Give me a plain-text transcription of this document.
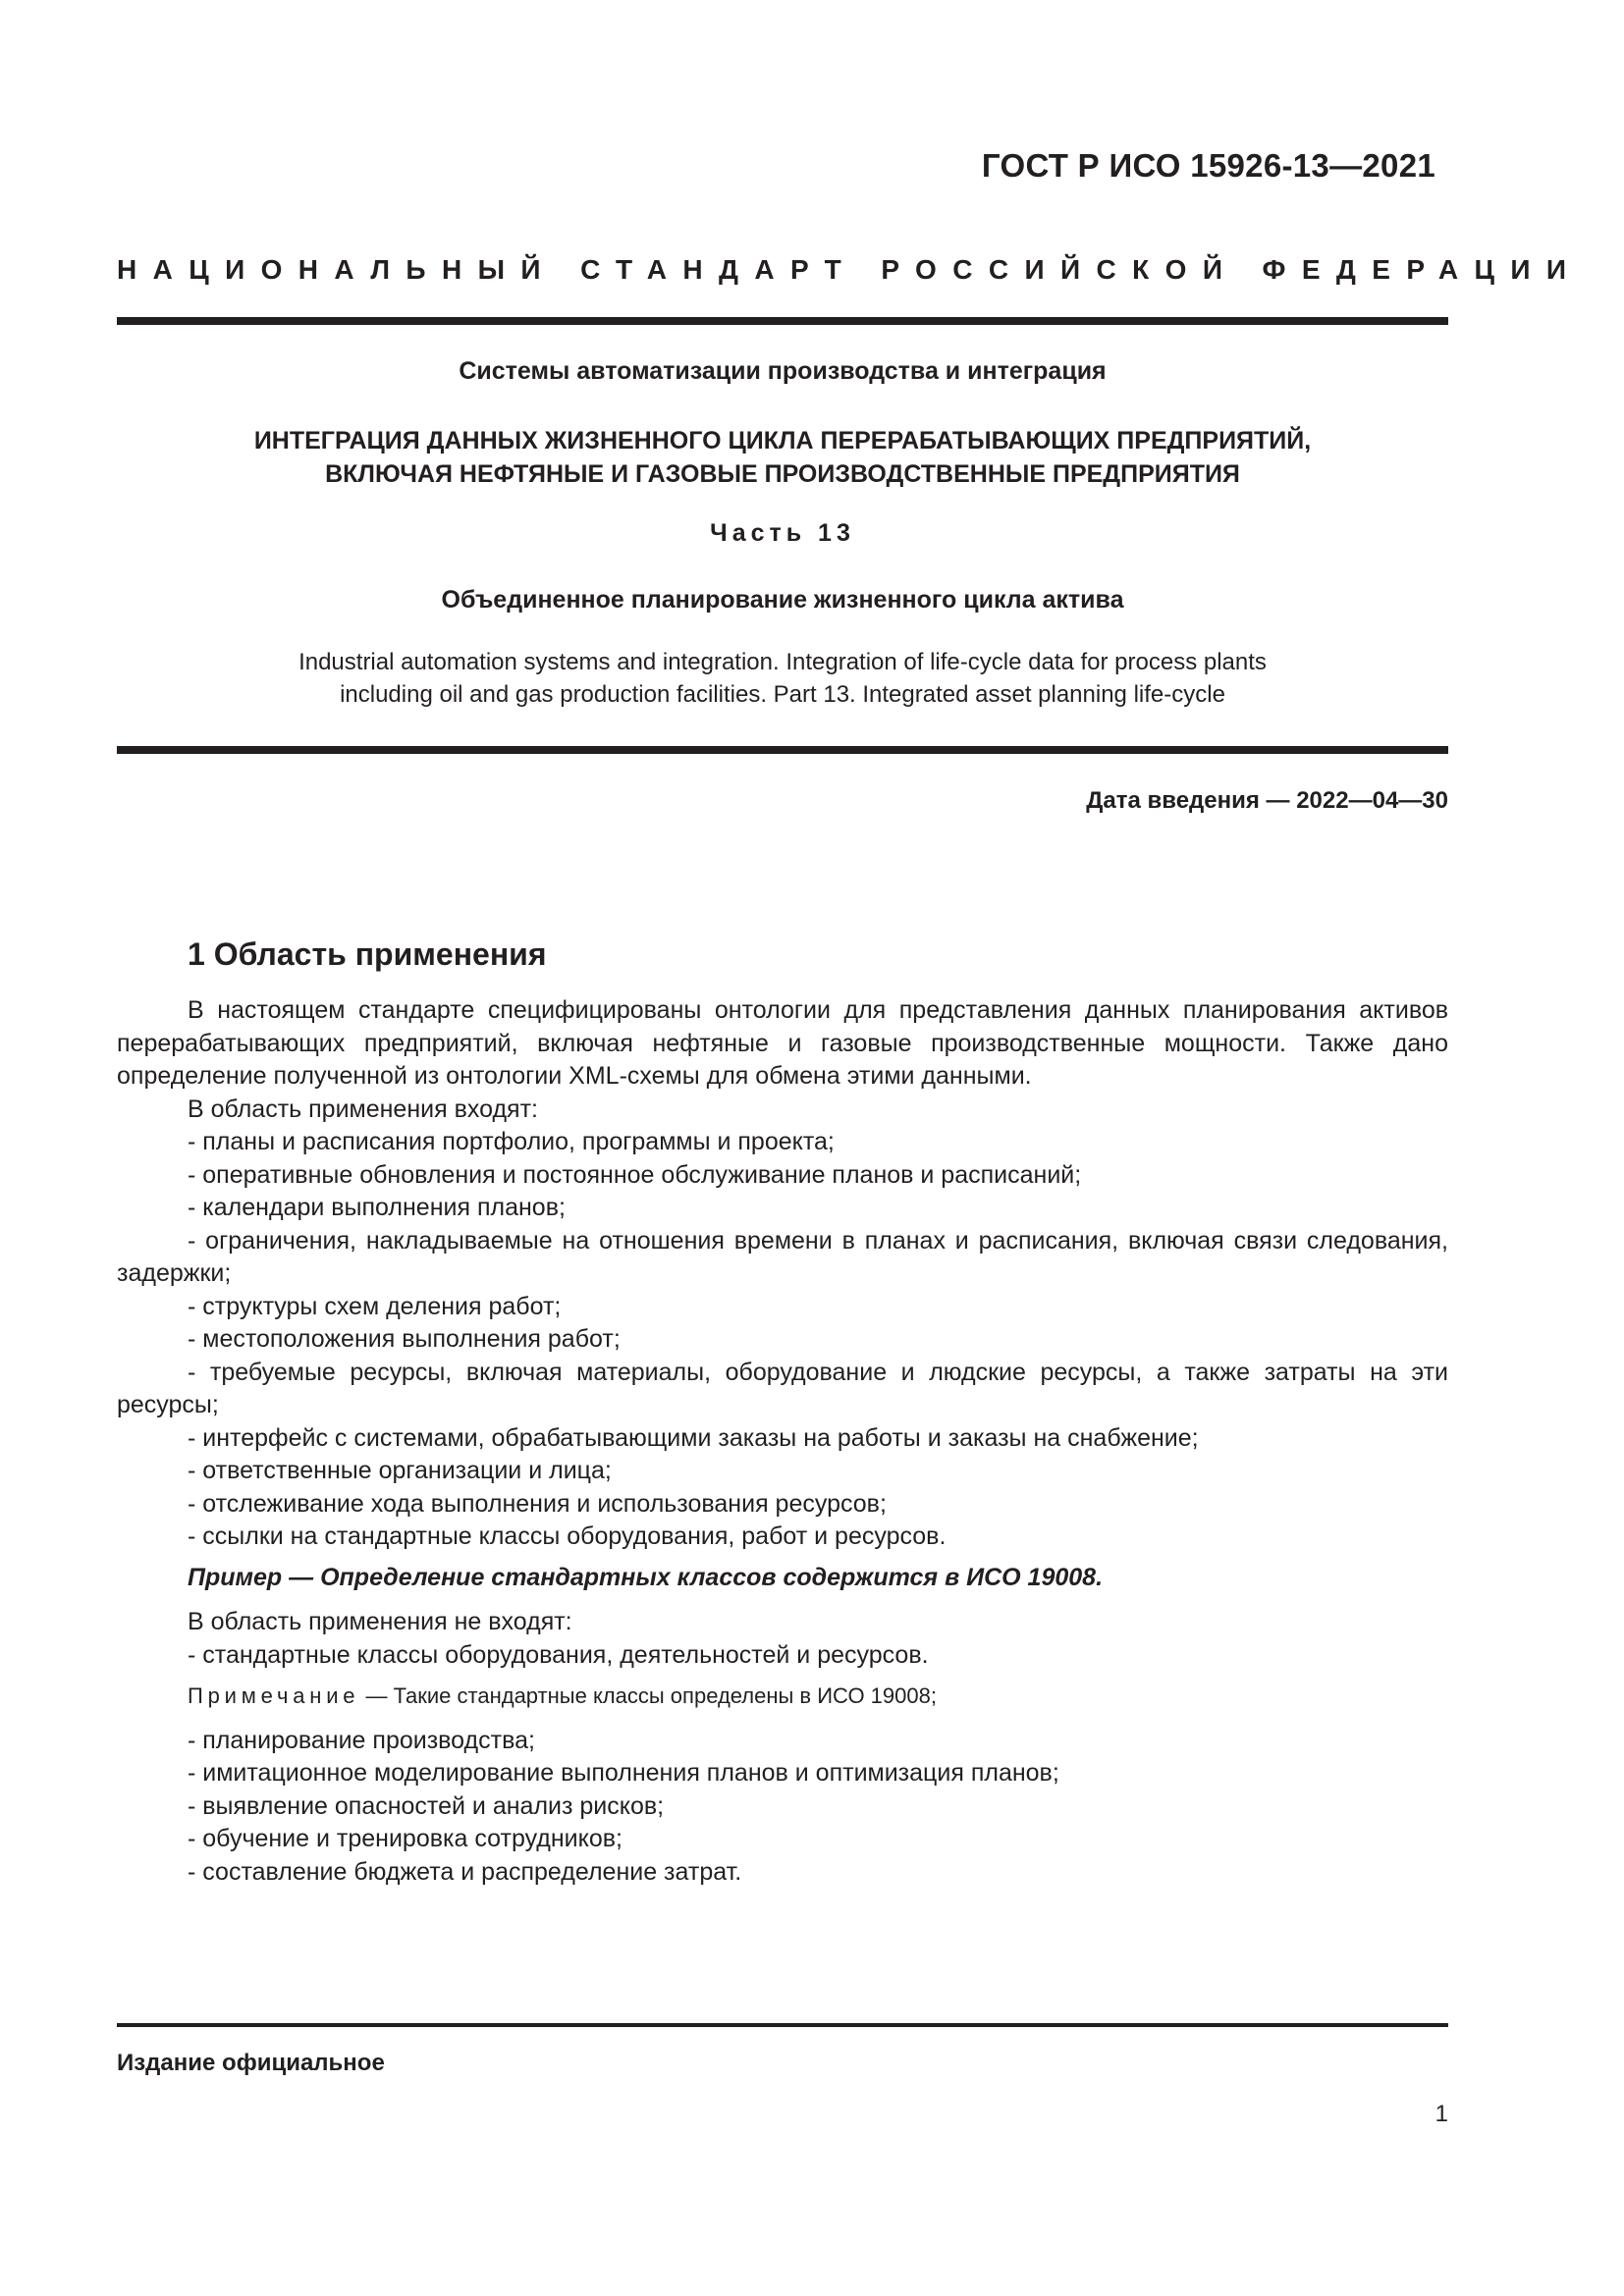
ГОСТ Р ИСО 15926-13—2021
НАЦИОНАЛЬНЫЙ СТАНДАРТ РОССИЙСКОЙ ФЕДЕРАЦИИ
Системы автоматизации производства и интеграция
ИНТЕГРАЦИЯ ДАННЫХ ЖИЗНЕННОГО ЦИКЛА ПЕРЕРАБАТЫВАЮЩИХ ПРЕДПРИЯТИЙ,
ВКЛЮЧАЯ НЕФТЯНЫЕ И ГАЗОВЫЕ ПРОИЗВОДСТВЕННЫЕ ПРЕДПРИЯТИЯ
Часть 13
Объединенное планирование жизненного цикла актива
Industrial automation systems and integration. Integration of life-cycle data for process plants
including oil and gas production facilities. Part 13. Integrated asset planning life-cycle
Дата введения — 2022—04—30
1 Область применения

В настоящем стандарте специфицированы онтологии для представления данных планирования активов перерабатывающих предприятий, включая нефтяные и газовые производственные мощности. Также дано определение полученной из онтологии XML-схемы для обмена этими данными.

В область применения входят:

- планы и расписания портфолио, программы и проекта;

- оперативные обновления и постоянное обслуживание планов и расписаний;

- календари выполнения планов;

- ограничения, накладываемые на отношения времени в планах и расписания, включая связи следования, задержки;

- структуры схем деления работ;

- местоположения выполнения работ;

- требуемые ресурсы, включая материалы, оборудование и людские ресурсы, а также затраты на эти ресурсы;

- интерфейс с системами, обрабатывающими заказы на работы и заказы на снабжение;

- ответственные организации и лица;

- отслеживание хода выполнения и использования ресурсов;

- ссылки на стандартные классы оборудования, работ и ресурсов.

Пример — Определение стандартных классов содержится в ИСО 19008.

В область применения не входят:

- стандартные классы оборудования, деятельностей и ресурсов.

Примечание — Такие стандартные классы определены в ИСО 19008;

- планирование производства;

- имитационное моделирование выполнения планов и оптимизация планов;

- выявление опасностей и анализ рисков;

- обучение и тренировка сотрудников;

- составление бюджета и распределение затрат.

Издание официальное
1
